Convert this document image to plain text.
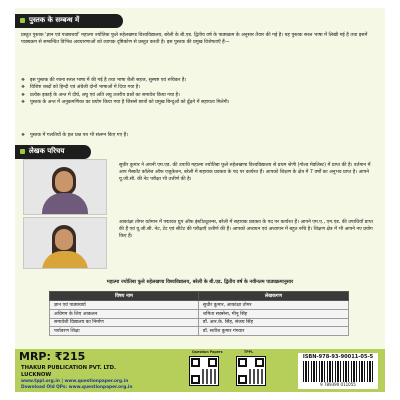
पुस्तक के सम्बन्ध में

प्रस्तुत पुस्तक 'ज्ञान एवं पाठ्यचर्या' महात्मा ज्योतिबा फुले रुहेलखण्ड विश्वविद्यालय, बरेली के बी.एड. द्वितीय वर्ष के पाठ्यक्रम के अनुसार तैयार की गई है। यह पुस्तक सरल भाषा में लिखी गई है तथा इसमें पाठ्यक्रम से सम्बन्धित विभिन्न अवधारणाओं को व्यापक दृष्टिकोण से प्रस्तुत करती है। इस पुस्तक की प्रमुख विशेषताएँ हैं—

❖ इस पुस्तक की रचना सरल भाषा में की गई है तथा भाषा शैली सहज, सुस्पष्ट एवं रुचिकर है।
❖ विशिष्ट शब्दों को हिन्दी एवं अंग्रेजी दोनों भाषाओं में दिया गया है।
❖ प्रत्येक इकाई के अन्त में दीर्घ, लघु एवं अति लघु उत्तरीय प्रश्नों का समावेश किया गया है।
❖ पुस्तक के अन्त में अनुक्रमणिका का प्रयोग किया गया है जिससे छात्रों को प्रमुख बिन्दुओं को ढूँढ़ने में सहायता मिलेगी।

❖ पुस्तक में गलतियों के हल प्रश्न पत्र भी संलग्न किए गए हैं।

लेखक परिचय

सुधीर कुमार ने अपनी एम.एड. की उपाधि महात्मा ज्योतिबा फुले रुहेलखण्ड विश्वविद्यालय से प्रथम श्रेणी (गोल्ड मेडलिस्ट) में प्राप्त की है। वर्तमान में आप मैस्कॉट कॉलेज ऑफ एजुकेशन, बरेली में सहायक प्रवक्ता के पद पर कार्यरत हैं। आपको शिक्षण के क्षेत्र में 7 वर्षों का अनुभव प्राप्त है। आपने यू.जी.सी. की नेट परीक्षा भी उत्तीर्ण की है।

आकांक्षा तोमर वर्तमान में पद्मावत ग्रुप ऑफ इंस्टीट्यूशन्स, बरेली में सहायक प्रवक्ता के पद पर कार्यरत हैं। आपने एम.ए., एम.एड. की उपाधियाँ प्राप्त की हैं एवं यू.जी.सी. नेट, टेट एवं सीटेट की परीक्षाएँ उत्तीर्ण की हैं। आपको अध्ययन एवं अध्यापन में बहुत रुचि है। शिक्षण क्षेत्र में भी आपने नए प्रयोग किए हैं।

महात्मा ज्योतिबा फुले रुहेलखण्ड विश्वविद्यालय, बरेली के बी.एड. द्वितीय वर्ष के नवीनतम पाठ्यक्रमानुसार
विषय नाम	लेखकगण
ज्ञान एवं पाठ्यचर्या	सुधीर कुमार, आकांक्षा तोमर
अधिगम के लिए आकलन	शमिता सक्सेना, मीनू सिंह
समावेशी विद्यालय का निर्माण	डॉ. आर.के. सिंह, संजय सिंह
पर्यावरण शिक्षा	डॉ. सतीश कुमार गंगवार
MRP: ₹215
THAKUR PUBLICATION PVT. LTD.
LUCKNOW
www.tppl.org.in | www.questionpaper.org.in
Download Old QPs: www.questionpaper.org.in
Question Papers	TPPL
ISBN-978-93-90011-05-5
9 789390 011055
